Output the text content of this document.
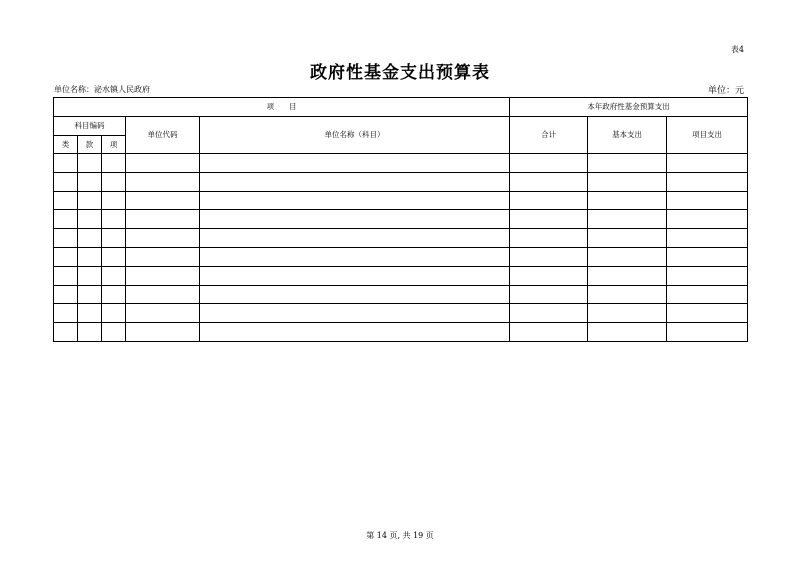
表4
政府性基金支出预算表
单位名称：泌水镇人民政府	单位：元
项　　目					本年政府性基金预算支出		
科目编码			单位代码	单位名称（科目）	合计	基本支出	项目支出
类	款	项					

第 14 页, 共 19 页
